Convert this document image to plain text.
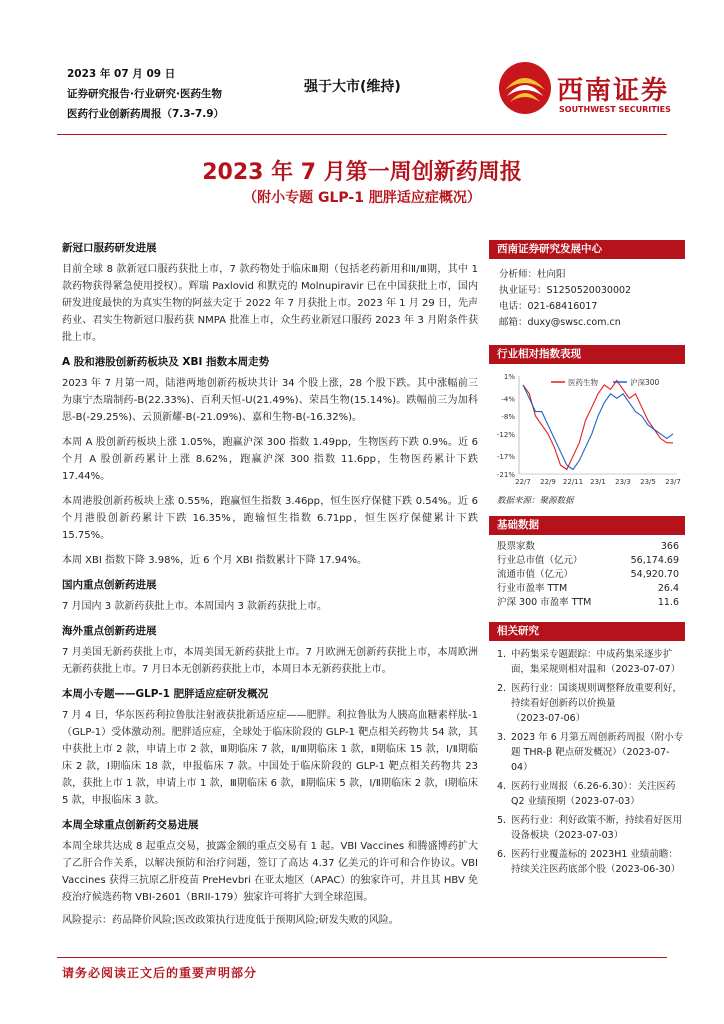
2023 年 07 月 09 日
证券研究报告·行业研究·医药生物
医药行业创新药周报（7.3-7.9）
强于大市(维持)	西南证券
SOUTHWEST SECURITIES
2023 年 7 月第一周创新药周报
（附小专题 GLP-1 肥胖适应症概况）
新冠口服药研发进展

目前全球 8 款新冠口服药获批上市，7 款药物处于临床Ⅲ期（包括老药新用和Ⅱ/Ⅲ期，其中 1 款药物获得紧急使用授权）。辉瑞 Paxlovid 和默克的 Molnupiravir 已在中国获批上市，国内研发进度最快的为真实生物的阿兹夫定于 2022 年 7 月获批上市。2023 年 1 月 29 日，先声药业、君实生物新冠口服药获 NMPA 批准上市，众生药业新冠口服药 2023 年 3 月附条件获批上市。

A 股和港股创新药板块及 XBI 指数本周走势

2023 年 7 月第一周，陆港两地创新药板块共计 34 个股上涨，28 个股下跌。其中涨幅前三为康宁杰瑞制药-B(22.33%)、百利天恒-U(21.49%)、荣昌生物(15.14%)。跌幅前三为加科思-B(-29.25%)、云顶新耀-B(-21.09%)、嘉和生物-B(-16.32%)。

本周 A 股创新药板块上涨 1.05%，跑赢沪深 300 指数 1.49pp，生物医药下跌 0.9%。近 6 个月 A 股创新药累计上涨 8.62%，跑赢沪深 300 指数 11.6pp，生物医药累计下跌 17.44%。

本周港股创新药板块上涨 0.55%，跑赢恒生指数 3.46pp，恒生医疗保健下跌 0.54%。近 6 个月港股创新药累计下跌 16.35%，跑输恒生指数 6.71pp，恒生医疗保健累计下跌 15.75%。

本周 XBI 指数下降 3.98%，近 6 个月 XBI 指数累计下降 17.94%。

国内重点创新药进展

7 月国内 3 款新药获批上市。本周国内 3 款新药获批上市。

海外重点创新药进展

7 月美国无新药获批上市，本周美国无新药获批上市。7 月欧洲无创新药获批上市，本周欧洲无新药获批上市。7 月日本无创新药获批上市，本周日本无新药获批上市。

本周小专题——GLP-1 肥胖适应症研发概况

7 月 4 日，华东医药利拉鲁肽注射液获批新适应症——肥胖。利拉鲁肽为人胰高血糖素样肽-1（GLP-1）受体激动剂。肥胖适应症，全球处于临床阶段的 GLP-1 靶点相关药物共 54 款，其中获批上市 2 款，申请上市 2 款，Ⅲ期临床 7 款，Ⅱ/Ⅲ期临床 1 款，Ⅱ期临床 15 款，Ⅰ/Ⅱ期临床 2 款，Ⅰ期临床 18 款，申报临床 7 款。中国处于临床阶段的 GLP-1 靶点相关药物共 23 款，获批上市 1 款，申请上市 1 款，Ⅲ期临床 6 款，Ⅱ期临床 5 款，Ⅰ/Ⅱ期临床 2 款，Ⅰ期临床 5 款，申报临床 3 款。

本周全球重点创新药交易进展

本周全球共达成 8 起重点交易，披露金额的重点交易有 1 起。VBI Vaccines 和腾盛博药扩大了乙肝合作关系，以解决预防和治疗问题，签订了高达 4.37 亿美元的许可和合作协议。VBI Vaccines 获得三抗原乙肝疫苗 PreHevbri 在亚太地区（APAC）的独家许可，并且其 HBV 免疫治疗候选药物 VBI-2601（BRII-179）独家许可将扩大到全球范围。

风险提示：药品降价风险;医改政策执行进度低于预期风险;研发失败的风险。

西南证券研究发展中心
分析师：杜向阳
执业证号：S1250520030002
电话：021-68416017
邮箱：duxy@swsc.com.cn
行业相对指数表现
1%
-4%
-8%
-12%
-17%
-21%
22/7 22/9 22/11 23/1 23/3 23/5 23/7
医药生物	沪深300
数据来源：聚源数据
基础数据
股票家数	366
行业总市值（亿元）	56,174.69
流通市值（亿元）	54,920.70
行业市盈率 TTM	26.4
沪深 300 市盈率 TTM	11.6
相关研究
1. 中药集采专题跟踪：中成药集采逐步扩面，集采规则相对温和（2023-07-07）
2. 医药行业：国谈规则调整释放重要利好，持续看好创新药以价换量（2023-07-06）
3. 2023 年 6 月第五周创新药周报（附小专题 THR-β 靶点研发概况）（2023-07-04）
4. 医药行业周报（6.26-6.30）：关注医药 Q2 业绩预期（2023-07-03）
5. 医药行业：利好政策不断，持续看好医用设备板块（2023-07-03）
6. 医药行业覆盖标的 2023H1 业绩前瞻：持续关注医药底部个股（2023-06-30）
请务必阅读正文后的重要声明部分
